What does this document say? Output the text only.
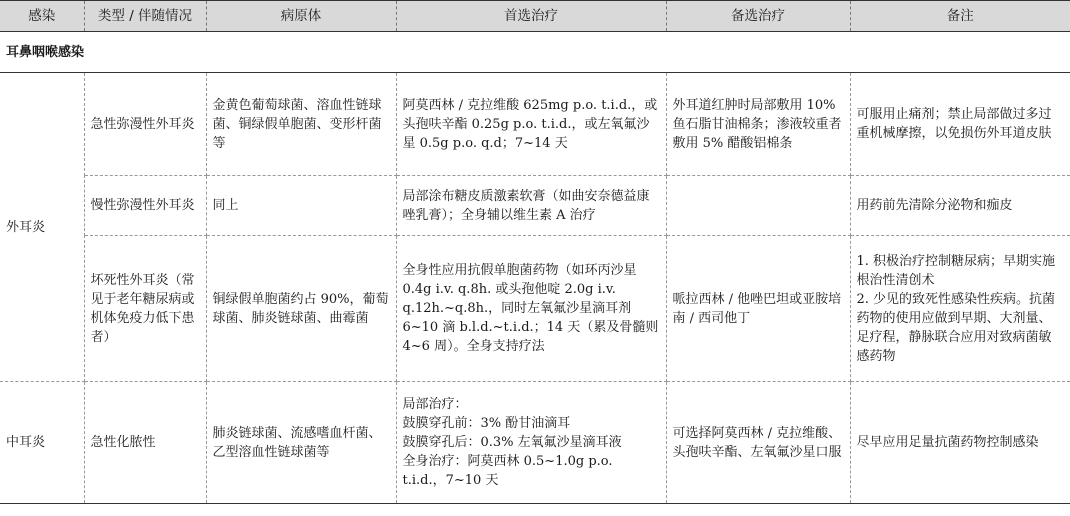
感染	类型 / 伴随情况	病原体	首选治疗	备选治疗	备注
耳鼻咽喉感染					
外耳炎	急性弥漫性外耳炎	金黄色葡萄球菌、溶血性链球菌、铜绿假单胞菌、变形杆菌等	阿莫西林 / 克拉维酸 625mg p.o. t.i.d.，或头孢呋辛酯 0.25g p.o. t.i.d.，或左氧氟沙星 0.5g p.o. q.d；7~14 天	外耳道红肿时局部敷用 10% 鱼石脂甘油棉条；渗液较重者敷用 5% 醋酸铝棉条	可服用止痛剂；禁止局部做过多过重机械摩擦，以免损伤外耳道皮肤
	慢性弥漫性外耳炎	同上	局部涂布糖皮质激素软膏（如曲安奈德益康唑乳膏）；全身辅以维生素 A 治疗		用药前先清除分泌物和痂皮
	坏死性外耳炎（常见于老年糖尿病或机体免疫力低下患者）	铜绿假单胞菌约占 90%，葡萄球菌、肺炎链球菌、曲霉菌	全身性应用抗假单胞菌药物（如环丙沙星 0.4g i.v. q.8h. 或头孢他啶 2.0g i.v. q.12h.~q.8h.，同时左氧氟沙星滴耳剂 6~10 滴 b.l.d.~t.i.d.；14 天（累及骨髓则 4~6 周）。全身支持疗法	哌拉西林 / 他唑巴坦或亚胺培南 / 西司他丁	1. 积极治疗控制糖尿病；早期实施根治性清创术
2. 少见的致死性感染性疾病。抗菌药物的使用应做到早期、大剂量、足疗程，静脉联合应用对致病菌敏感药物
中耳炎	急性化脓性	肺炎链球菌、流感嗜血杆菌、乙型溶血性链球菌等	局部治疗：
鼓膜穿孔前：3% 酚甘油滴耳
鼓膜穿孔后：0.3% 左氧氟沙星滴耳液
全身治疗：阿莫西林 0.5~1.0g p.o. t.i.d.，7~10 天	可选择阿莫西林 / 克拉维酸、头孢呋辛酯、左氧氟沙星口服	尽早应用足量抗菌药物控制感染
